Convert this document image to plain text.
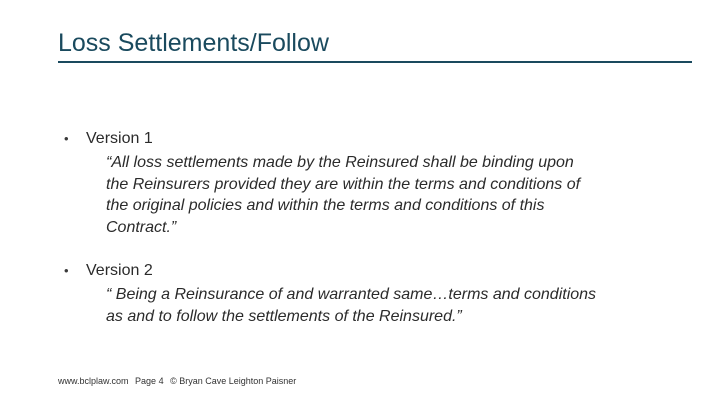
Loss Settlements/Follow
•	Version 1
“All loss settlements made by the Reinsured shall be binding upon
the Reinsurers provided they are within the terms and conditions of
the original policies and within the terms and conditions of this
Contract.”
•	Version 2
“ Being a Reinsurance of and warranted same…terms and conditions
as and to follow the settlements of the Reinsured.”
www.bclplaw.com Page 4 © Bryan Cave Leighton Paisner
